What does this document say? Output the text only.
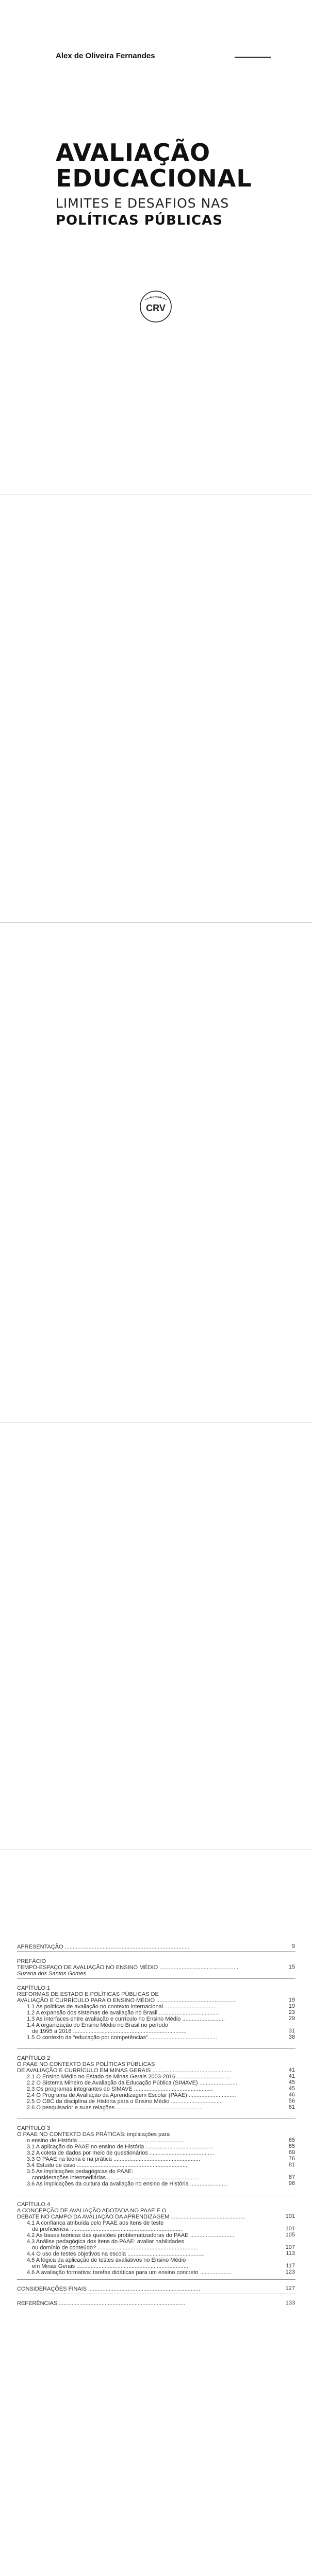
Alex de Oliveira Fernandes
AVALIAÇÃO
EDUCACIONAL
LIMITES E DESAFIOS NAS
POLÍTICAS PÚBLICAS
Editora
CRV
APRESENTAÇÃO ...............................................................................	9
PREFÁCIO
TEMPO-ESPAÇO DE AVALIAÇÃO NO ENSINO MÉDIO ..................................................	15
Suzana dos Santos Gomes
CAPÍTULO 1
REFORMAS DE ESTADO E POLÍTICAS PÚBLICAS DE
AVALIAÇÃO E CURRÍCULO PARA O ENSINO MÉDIO ..................................................	19
1.1 As políticas de avaliação no contexto internacional .................................	19
1.2 A expansão dos sistemas de avaliação no Brasil ......................................	23
1.3 As interfaces entre avaliação e currículo no Ensino Médio ...........................	29
1.4 A organização do Ensino Médio no Brasil no período
de 1995 a 2016 ........................................................................	31
1.5 O contexto da “educação por competências” ...........................................	38
CAPÍTULO 2
O PAAE NO CONTEXTO DAS POLÍTICAS PÚBLICAS
DE AVALIAÇÃO E CURRÍCULO EM MINAS GERAIS ...................................................	41
2.1 O Ensino Médio no Estado de Minas Gerais 2003-2016 ..................................	41
2.2 O Sistema Mineiro de Avaliação da Educação Pública (SIMAVE) .........................	45
2.3 Os programas integrantes do SIMAVE ..................................................	45
2.4 O Programa de Avaliação da Aprendizagem Escolar (PAAE) ..............................	46
2.5 O CBC da disciplina de História para o Ensino Médio .................................	56
2.6 O pesquisador e suas relações .......................................................	61
CAPÍTULO 3
O PAAE NO CONTEXTO DAS PRÁTICAS: implicações para
o ensino de História ....................................................................	65
3.1 A aplicação do PAAE no ensino de História ...........................................	65
3.2 A coleta de dados por meio de questionários .........................................	69
3.3 O PAAE na teoria e na prática .......................................................	76
3.4 Estudo de caso ......................................................................	81
3.5 As implicações pedagógicas do PAAE:
considerações intermediárias ..........................................................	87
3.6 As implicações da cultura da avaliação no ensino de História ........................	96
CAPÍTULO 4
A CONCEPÇÃO DE AVALIAÇÃO ADOTADA NO PAAE E O
DEBATE NO CAMPO DA AVALIAÇÃO DA APRENDIZAGEM ...............................................	101
4.1 A confiança atribuída pelo PAAE aos itens de teste
de proficiência .......................................................................	101
4.2 As bases teóricas das questões problematizadoras do PAAE ............................	105
4.3 Análise pedagógica dos itens do PAAE: avaliar habilidades
ou domínio de conteúdo? ...............................................................	107
4.4 O uso de testes objetivos na escola .................................................	113
4.5 A lógica da aplicação de testes avaliativos no Ensino Médio
em Minas Gerais .......................................................................	117
4.6 A avaliação formativa: tarefas didáticas para um ensino concreto ....................	123
CONSIDERAÇÕES FINAIS .......................................................................	127
REFERÊNCIAS ................................................................................	133
